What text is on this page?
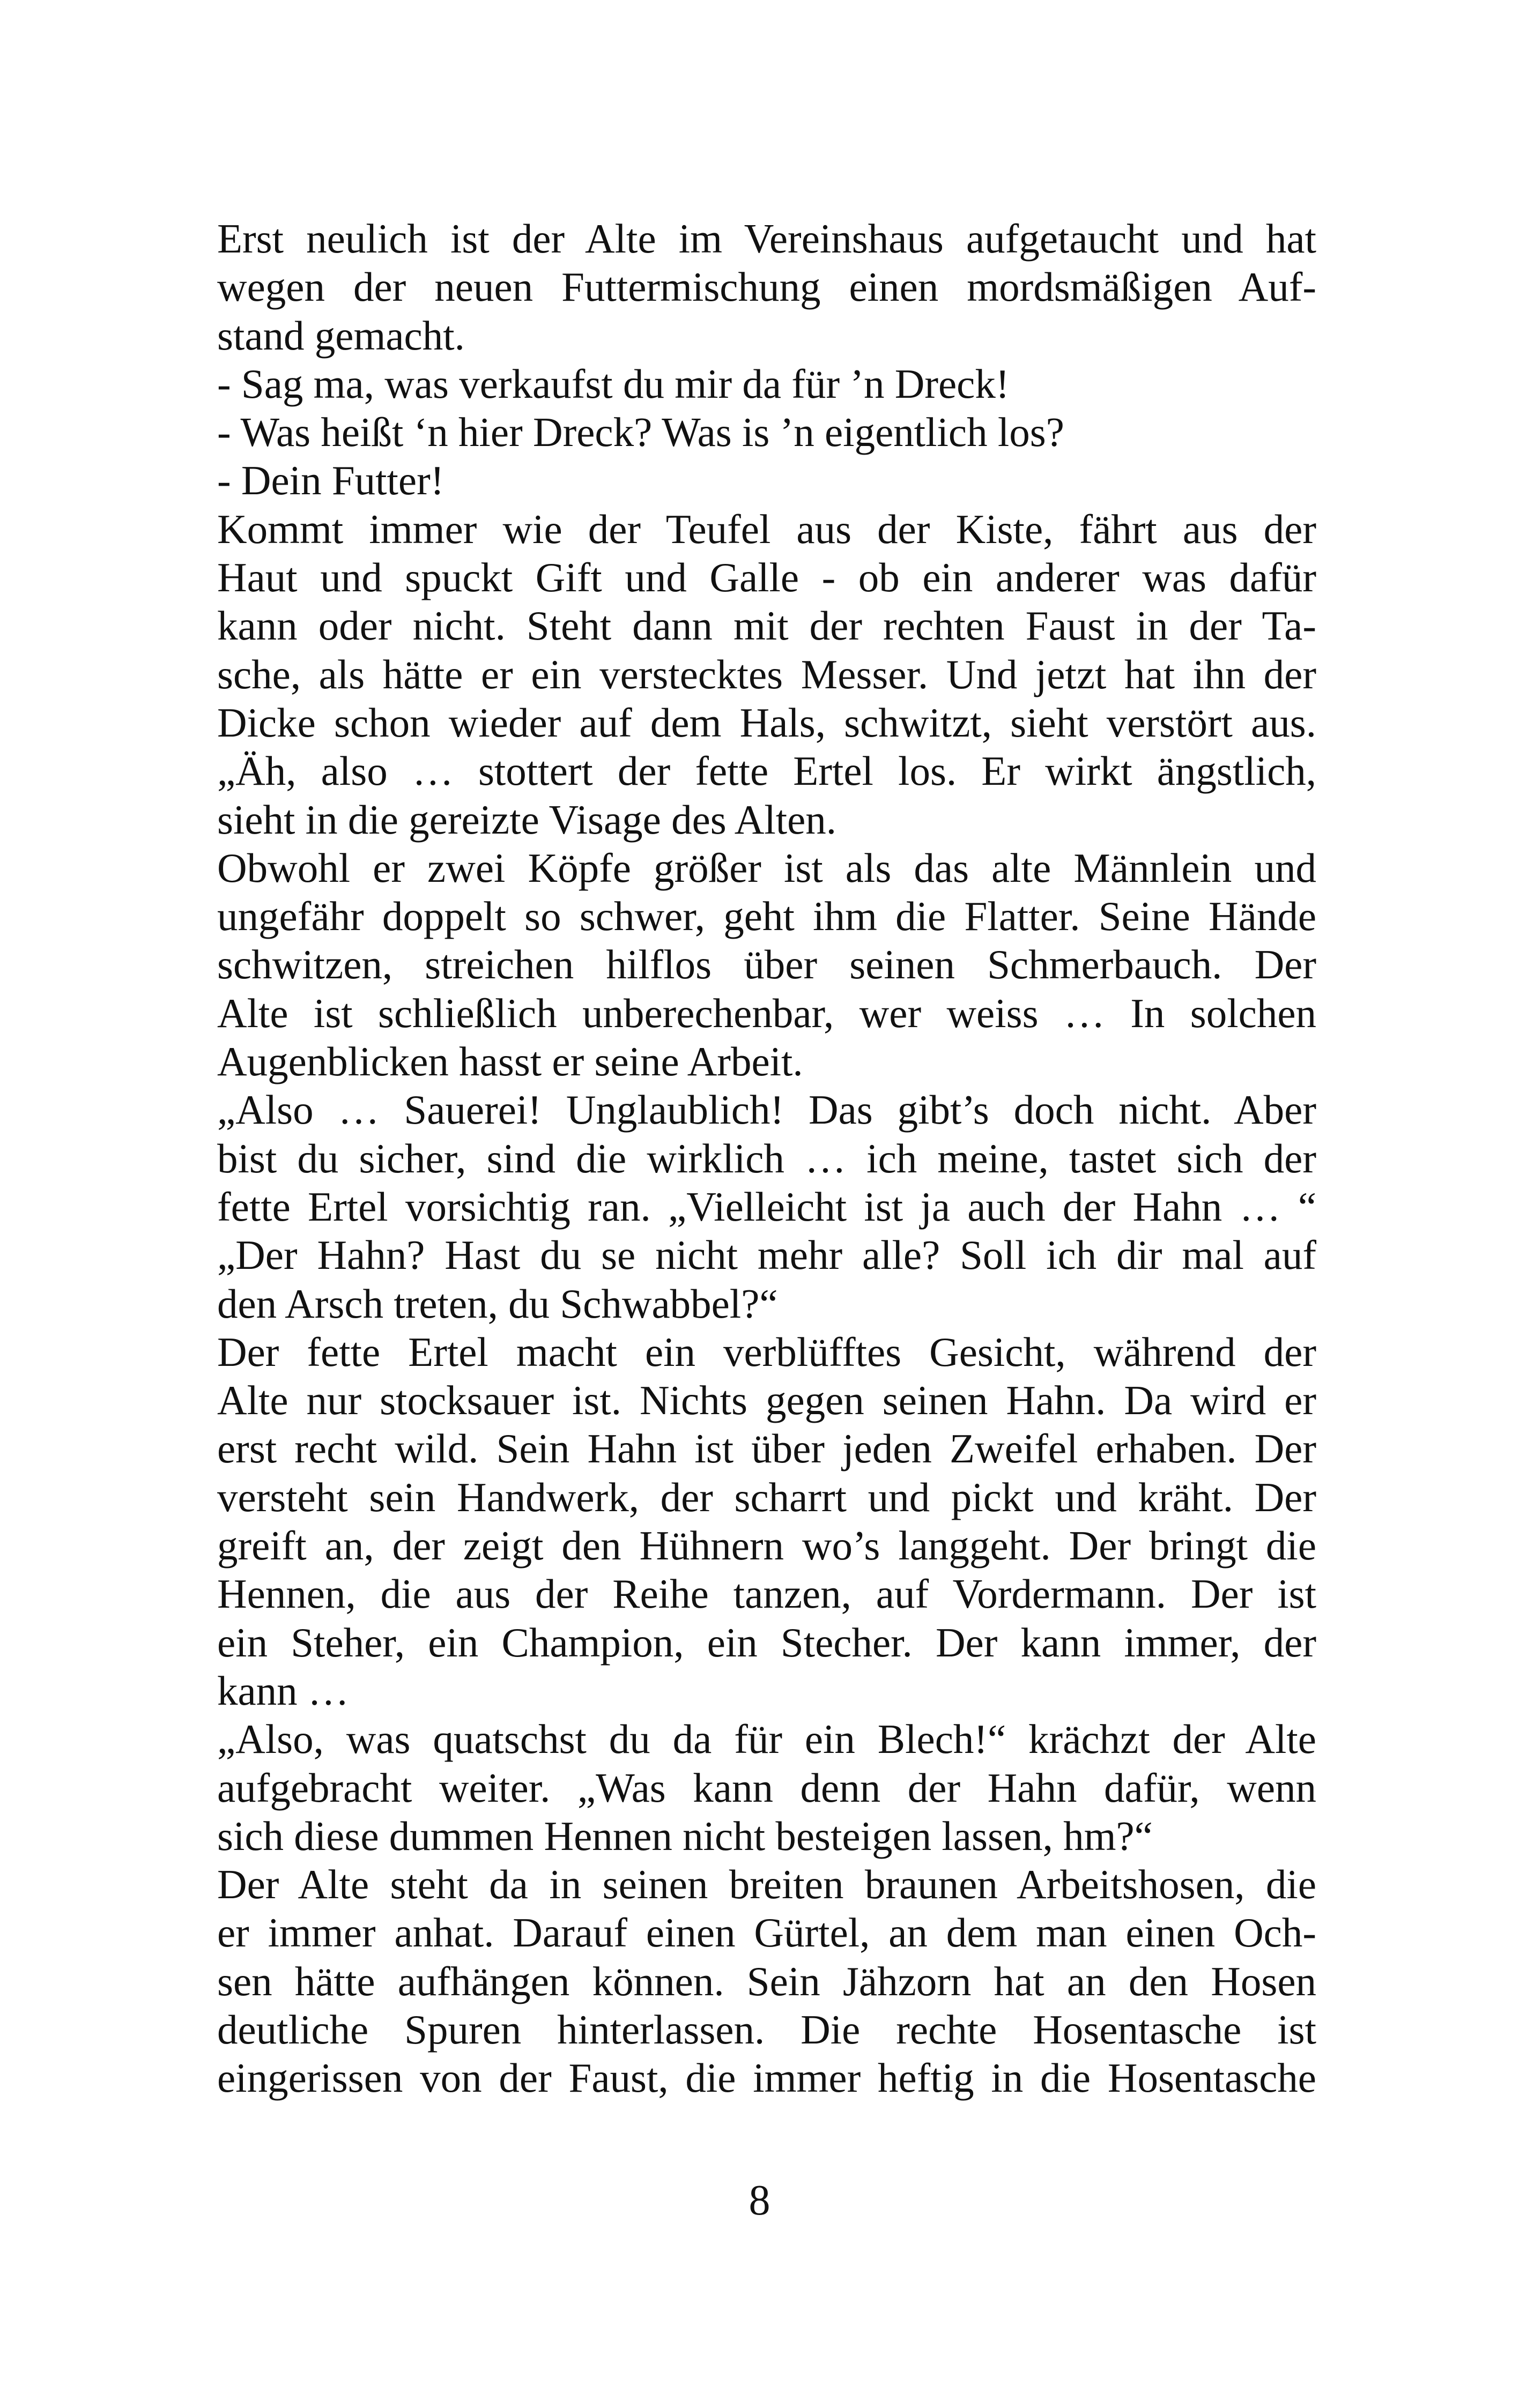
Erst neulich ist der Alte im Vereinshaus aufgetaucht und hat
wegen der neuen Futtermischung einen mordsmäßigen Auf-
stand gemacht.
- Sag ma, was verkaufst du mir da für ’n Dreck!
- Was heißt ‘n hier Dreck? Was is ’n eigentlich los?
- Dein Futter!
Kommt immer wie der Teufel aus der Kiste, fährt aus der
Haut und spuckt Gift und Galle - ob ein anderer was dafür
kann oder nicht. Steht dann mit der rechten Faust in der Ta-
sche, als hätte er ein verstecktes Messer. Und jetzt hat ihn der
Dicke schon wieder auf dem Hals, schwitzt, sieht verstört aus.
„Äh, also … stottert der fette Ertel los. Er wirkt ängstlich,
sieht in die gereizte Visage des Alten.
Obwohl er zwei Köpfe größer ist als das alte Männlein und
ungefähr doppelt so schwer, geht ihm die Flatter. Seine Hände
schwitzen, streichen hilflos über seinen Schmerbauch. Der
Alte ist schließlich unberechenbar, wer weiss … In solchen
Augenblicken hasst er seine Arbeit.
„Also … Sauerei! Unglaublich! Das gibt’s doch nicht. Aber
bist du sicher, sind die wirklich … ich meine, tastet sich der
fette Ertel vorsichtig ran. „Vielleicht ist ja auch der Hahn … “
„Der Hahn? Hast du se nicht mehr alle? Soll ich dir mal auf
den Arsch treten, du Schwabbel?“
Der fette Ertel macht ein verblüfftes Gesicht, während der
Alte nur stocksauer ist. Nichts gegen seinen Hahn. Da wird er
erst recht wild. Sein Hahn ist über jeden Zweifel erhaben. Der
versteht sein Handwerk, der scharrt und pickt und kräht. Der
greift an, der zeigt den Hühnern wo’s langgeht. Der bringt die
Hennen, die aus der Reihe tanzen, auf Vordermann. Der ist
ein Steher, ein Champion, ein Stecher. Der kann immer, der
kann …
„Also, was quatschst du da für ein Blech!“ krächzt der Alte
aufgebracht weiter. „Was kann denn der Hahn dafür, wenn
sich diese dummen Hennen nicht besteigen lassen, hm?“
Der Alte steht da in seinen breiten braunen Arbeitshosen, die
er immer anhat. Darauf einen Gürtel, an dem man einen Och-
sen hätte aufhängen können. Sein Jähzorn hat an den Hosen
deutliche Spuren hinterlassen. Die rechte Hosentasche ist
eingerissen von der Faust, die immer heftig in die Hosentasche
8
